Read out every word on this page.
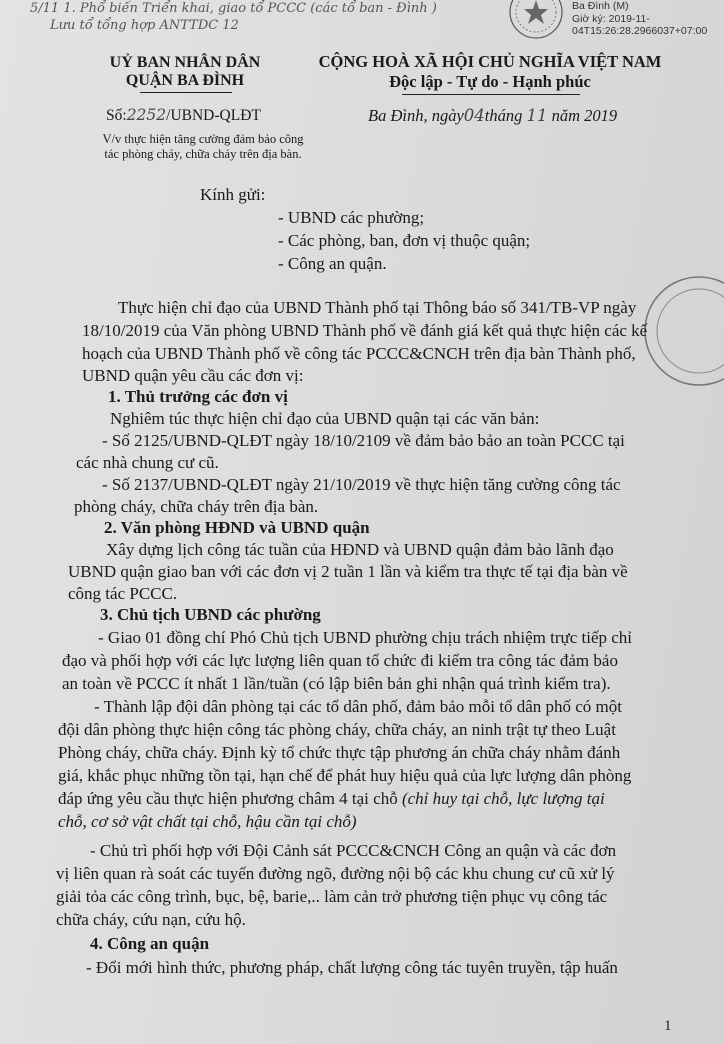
5/11 1. Phổ biến Triển khai, giao tổ PCCC (các tổ ban - Đình )
Lưu tổ tổng hợp ANTTDC 12
Ba Đình (M)
Giờ ký: 2019-11-
04T15:26:28.2966037+07:00
UỶ BAN NHÂN DÂN
QUẬN BA ĐÌNH
Số:2252/UBND-QLĐT
V/v thực hiện tăng cường đảm bảo công
tác phòng cháy, chữa cháy trên địa bàn.
CỘNG HOÀ XÃ HỘI CHỦ NGHĨA VIỆT NAM
Độc lập - Tự do - Hạnh phúc
Ba Đình, ngày04tháng 11 năm 2019
Kính gửi:
- UBND các phường;
- Các phòng, ban, đơn vị thuộc quận;
- Công an quận.
Thực hiện chỉ đạo của UBND Thành phố tại Thông báo số 341/TB-VP ngày
18/10/2019 của Văn phòng UBND Thành phố về đánh giá kết quả thực hiện các kế
hoạch của UBND Thành phố về công tác PCCC&CNCH trên địa bàn Thành phố,
UBND quận yêu cầu các đơn vị:
1. Thủ trưởng các đơn vị
Nghiêm túc thực hiện chỉ đạo của UBND quận tại các văn bản:
- Số 2125/UBND-QLĐT ngày 18/10/2109 về đảm bảo bảo an toàn PCCC tại
các nhà chung cư cũ.
- Số 2137/UBND-QLĐT ngày 21/10/2019 về thực hiện tăng cường công tác
phòng cháy, chữa cháy trên địa bàn.
2. Văn phòng HĐND và UBND quận
Xây dựng lịch công tác tuần của HĐND và UBND quận đảm bảo lãnh đạo
UBND quận giao ban với các đơn vị 2 tuần 1 lần và kiểm tra thực tế tại địa bàn về
công tác PCCC.
3. Chủ tịch UBND các phường
- Giao 01 đồng chí Phó Chủ tịch UBND phường chịu trách nhiệm trực tiếp chỉ
đạo và phối hợp với các lực lượng liên quan tổ chức đi kiểm tra công tác đảm bảo
an toàn về PCCC ít nhất 1 lần/tuần (có lập biên bản ghi nhận quá trình kiểm tra).
- Thành lập đội dân phòng tại các tổ dân phố, đảm bảo mỗi tổ dân phố có một
đội dân phòng thực hiện công tác phòng cháy, chữa cháy, an ninh trật tự theo Luật
Phòng cháy, chữa cháy. Định kỳ tổ chức thực tập phương án chữa cháy nhằm đánh
giá, khắc phục những tồn tại, hạn chế để phát huy hiệu quả của lực lượng dân phòng
đáp ứng yêu cầu thực hiện phương châm 4 tại chỗ (chỉ huy tại chỗ, lực lượng tại
chỗ, cơ sở vật chất tại chỗ, hậu cần tại chỗ)
- Chủ trì phối hợp với Đội Cảnh sát PCCC&CNCH Công an quận và các đơn
vị liên quan rà soát các tuyến đường ngõ, đường nội bộ các khu chung cư cũ xử lý
giải tỏa các công trình, bục, bệ, barie,.. làm cản trở phương tiện phục vụ công tác
chữa cháy, cứu nạn, cứu hộ.
4. Công an quận
- Đổi mới hình thức, phương pháp, chất lượng công tác tuyên truyền, tập huấn
1
